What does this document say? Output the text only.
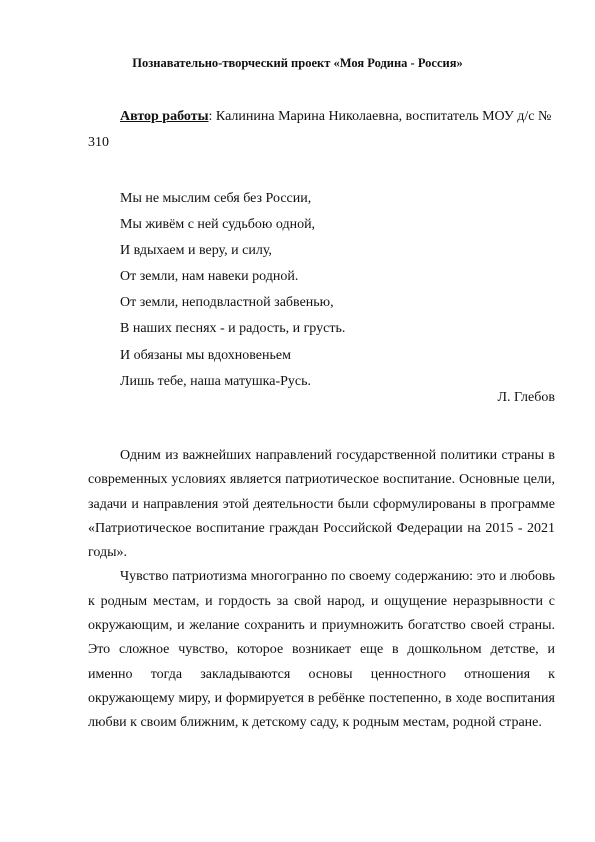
Познавательно-творческий проект «Моя Родина - Россия»
Автор работы: Калинина Марина Николаевна, воспитатель МОУ д/с №
310
Мы не мыслим себя без России,
Мы живём с ней судьбою одной,
И вдыхаем и веру, и силу,
От земли, нам навеки родной.
От земли, неподвластной забвенью,
В наших песнях - и радость, и грусть.
И обязаны мы вдохновеньем
Лишь тебе, наша матушка-Русь.

Л. Глебов

Одним из важнейших направлений государственной политики страны в современных условиях является патриотическое воспитание. Основные цели, задачи и направления этой деятельности были сформулированы в программе «Патриотическое воспитание граждан Российской Федерации на 2015 - 2021 годы».

Чувство патриотизма многогранно по своему содержанию: это и любовь к родным местам, и гордость за свой народ, и ощущение неразрывности с окружающим, и желание сохранить и приумножить богатство своей страны. Это сложное чувство, которое возникает еще в дошкольном детстве, и именно тогда закладываются основы ценностного отношения к окружающему миру, и формируется в ребёнке постепенно, в ходе воспитания любви к своим ближним, к детскому саду, к родным местам, родной стране.
